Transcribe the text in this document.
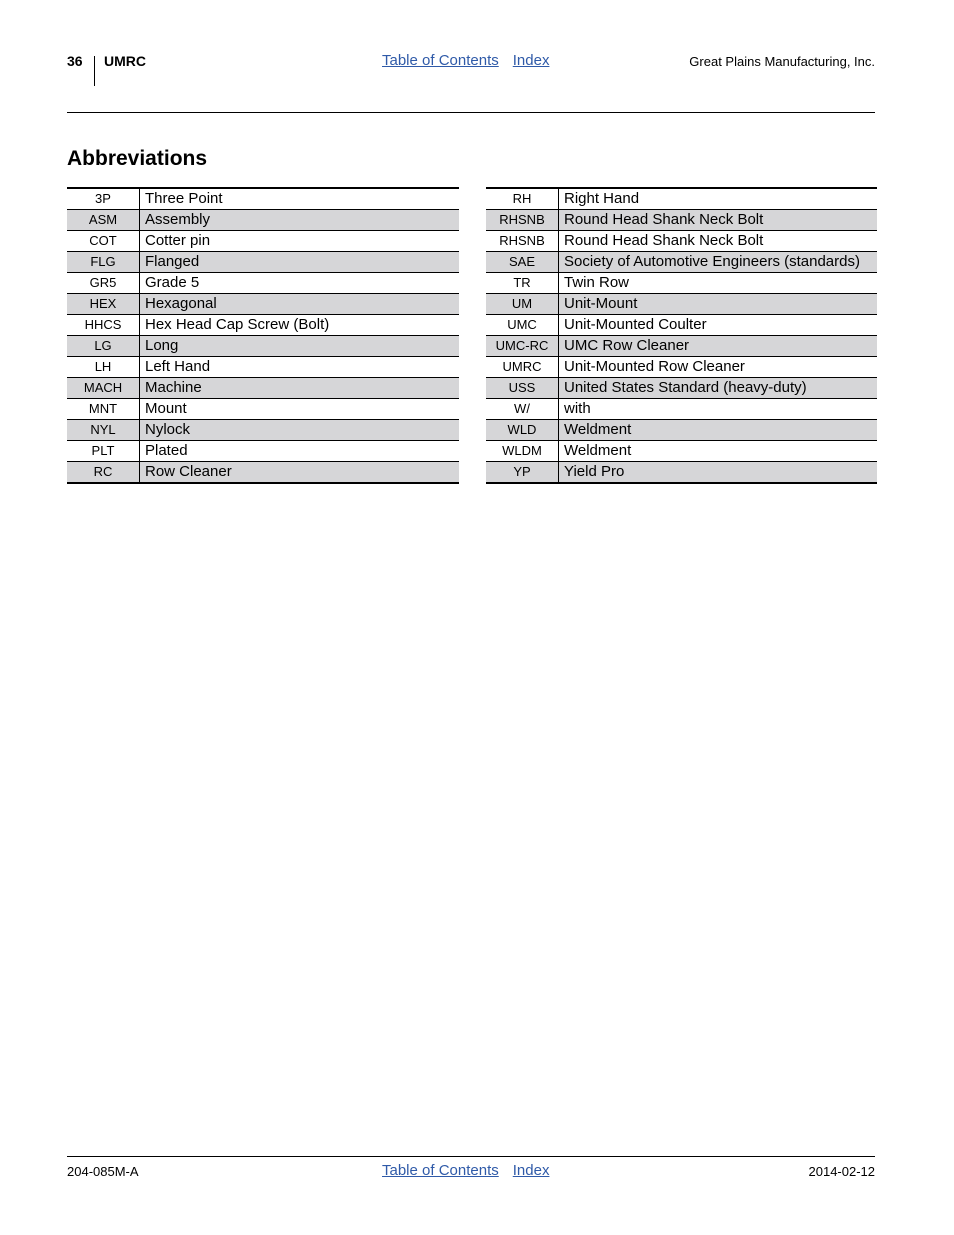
36 UMRC	Table of Contents Index	Great Plains Manufacturing, Inc.
Abbreviations
3P	Three Point
ASM	Assembly
COT	Cotter pin
FLG	Flanged
GR5	Grade 5
HEX	Hexagonal
HHCS	Hex Head Cap Screw (Bolt)
LG	Long
LH	Left Hand
MACH	Machine
MNT	Mount
NYL	Nylock
PLT	Plated
RC	Row Cleaner
RH	Right Hand
RHSNB	Round Head Shank Neck Bolt
RHSNB	Round Head Shank Neck Bolt
SAE	Society of Automotive Engineers (standards)
TR	Twin Row
UM	Unit-Mount
UMC	Unit-Mounted Coulter
UMC-RC	UMC Row Cleaner
UMRC	Unit-Mounted Row Cleaner
USS	United States Standard (heavy-duty)
W/	with
WLD	Weldment
WLDM	Weldment
YP	Yield Pro
204-085M-A	Table of Contents Index	2014-02-12
